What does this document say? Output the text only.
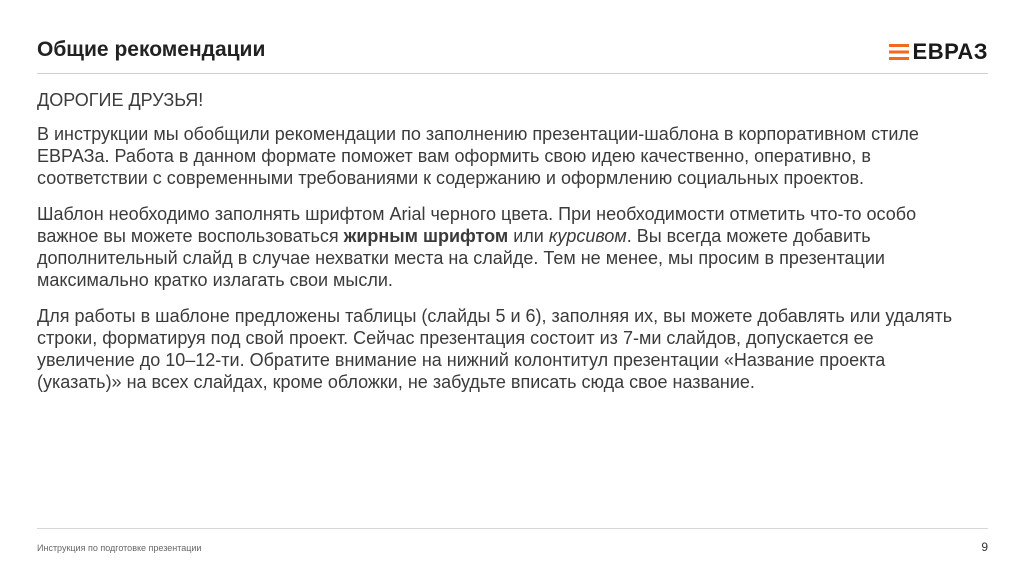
Общие рекомендации	ЕВРАЗ

ДОРОГИЕ ДРУЗЬЯ!

В инструкции мы обобщили рекомендации по заполнению презентации-шаблона в корпоративном стиле ЕВРАЗа. Работа в данном формате поможет вам оформить свою идею качественно, оперативно, в соответствии с современными требованиями к содержанию и оформлению социальных проектов.

Шаблон необходимо заполнять шрифтом Arial черного цвета. При необходимости отметить что-то особо важное вы можете воспользоваться жирным шрифтом или курсивом. Вы всегда можете добавить дополнительный слайд в случае нехватки места на слайде. Тем не менее, мы просим в презентации максимально кратко излагать свои мысли.

Для работы в шаблоне предложены таблицы (слайды 5 и 6), заполняя их, вы можете добавлять или удалять строки, форматируя под свой проект. Сейчас презентация состоит из 7-ми слайдов, допускается ее увеличение до 10–12-ти. Обратите внимание на нижний колонтитул презентации «Название проекта (указать)» на всех слайдах, кроме обложки, не забудьте вписать сюда свое название.

Инструкция по подготовке презентации	9
